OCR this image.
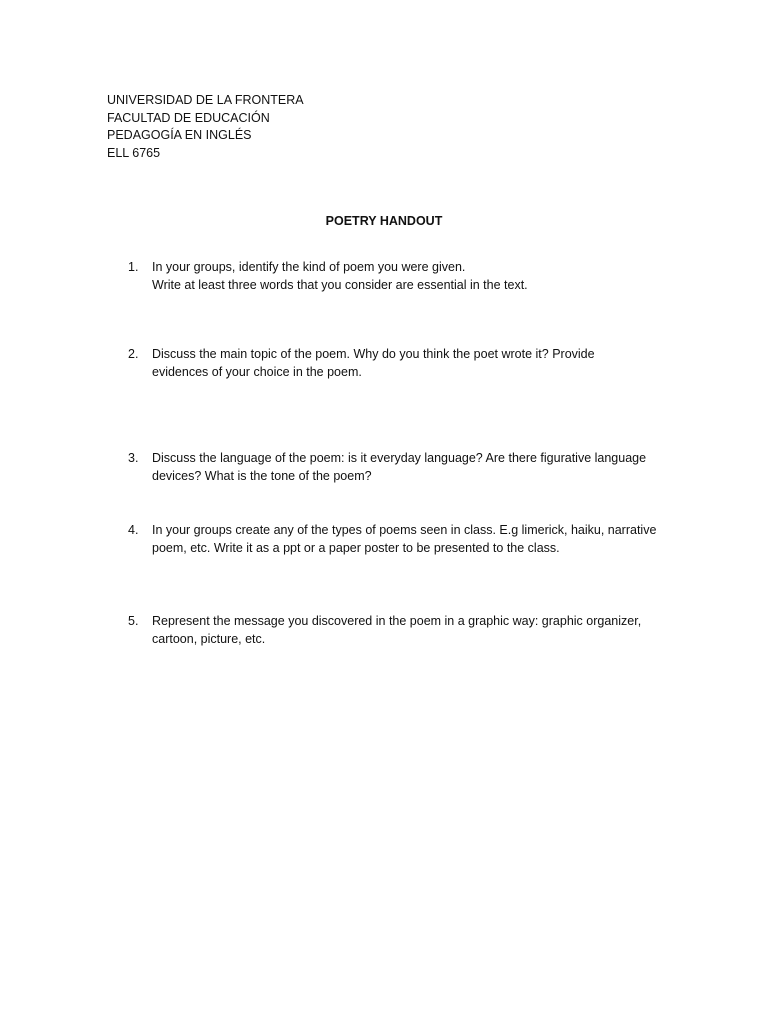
UNIVERSIDAD DE LA FRONTERA
FACULTAD DE EDUCACIÓN
PEDAGOGÍA EN INGLÉS
ELL 6765
POETRY HANDOUT
1.	In your groups, identify the kind of poem you were given.
Write at least three words that you consider are essential in the text.
2.	Discuss the main topic of the poem. Why do you think the poet wrote it? Provide
evidences of your choice in the poem.
3.	Discuss the language of the poem: is it everyday language? Are there figurative language
devices? What is the tone of the poem?
4.	In your groups create any of the types of poems seen in class. E.g limerick, haiku, narrative
poem, etc. Write it as a ppt or a paper poster to be presented to the class.
5.	Represent the message you discovered in the poem in a graphic way: graphic organizer,
cartoon, picture, etc.
